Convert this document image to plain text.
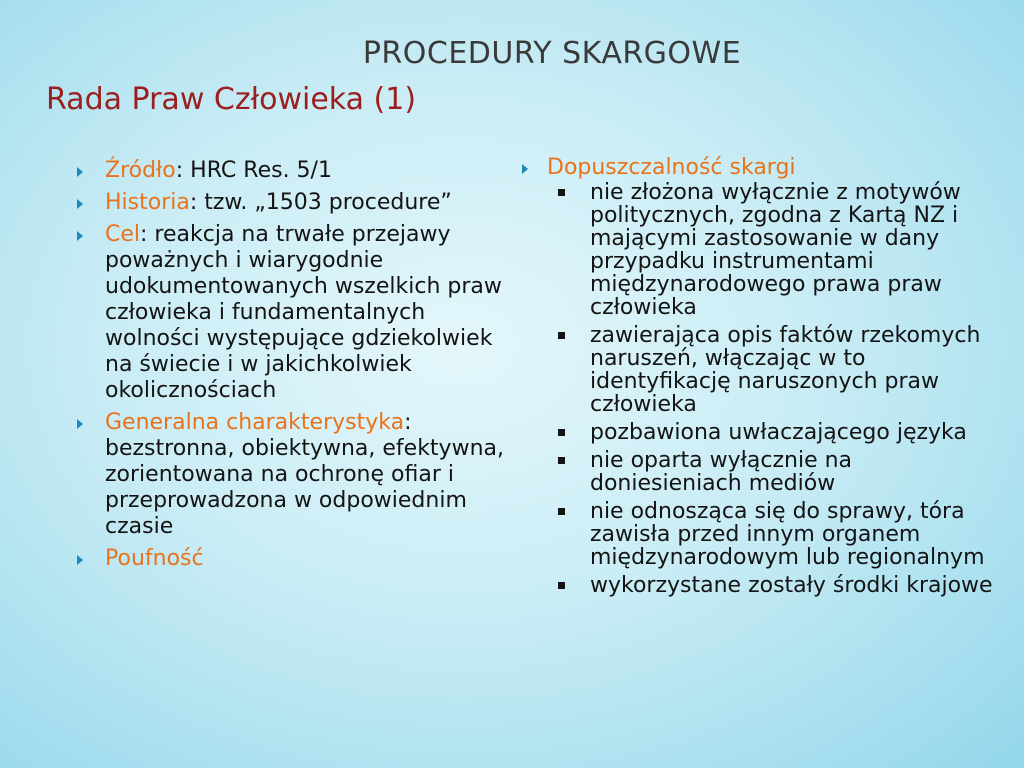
PROCEDURY SKARGOWE
Rada Praw Człowieka (1)
Źródło: HRC Res. 5/1
Historia: tzw. „1503 procedure”
Cel: reakcja na trwałe przejawy poważnych i wiarygodnie udokumentowanych wszelkich praw człowieka i fundamentalnych wolności występujące gdziekolwiek na świecie i w jakichkolwiek okolicznościach
Generalna charakterystyka: bezstronna, obiektywna, efektywna, zorientowana na ochronę ofiar i przeprowadzona w odpowiednim czasie
Poufność
Dopuszczalność skargi
nie złożona wyłącznie z motywów politycznych, zgodna z Kartą NZ i mającymi zastosowanie w dany przypadku instrumentami międzynarodowego prawa praw człowieka
zawierająca opis faktów rzekomych naruszeń, włączając w to identyfikację naruszonych praw człowieka
pozbawiona uwłaczającego języka
nie oparta wyłącznie na doniesieniach mediów
nie odnosząca się do sprawy, tóra zawisła przed innym organem międzynarodowym lub regionalnym
wykorzystane zostały środki krajowe
